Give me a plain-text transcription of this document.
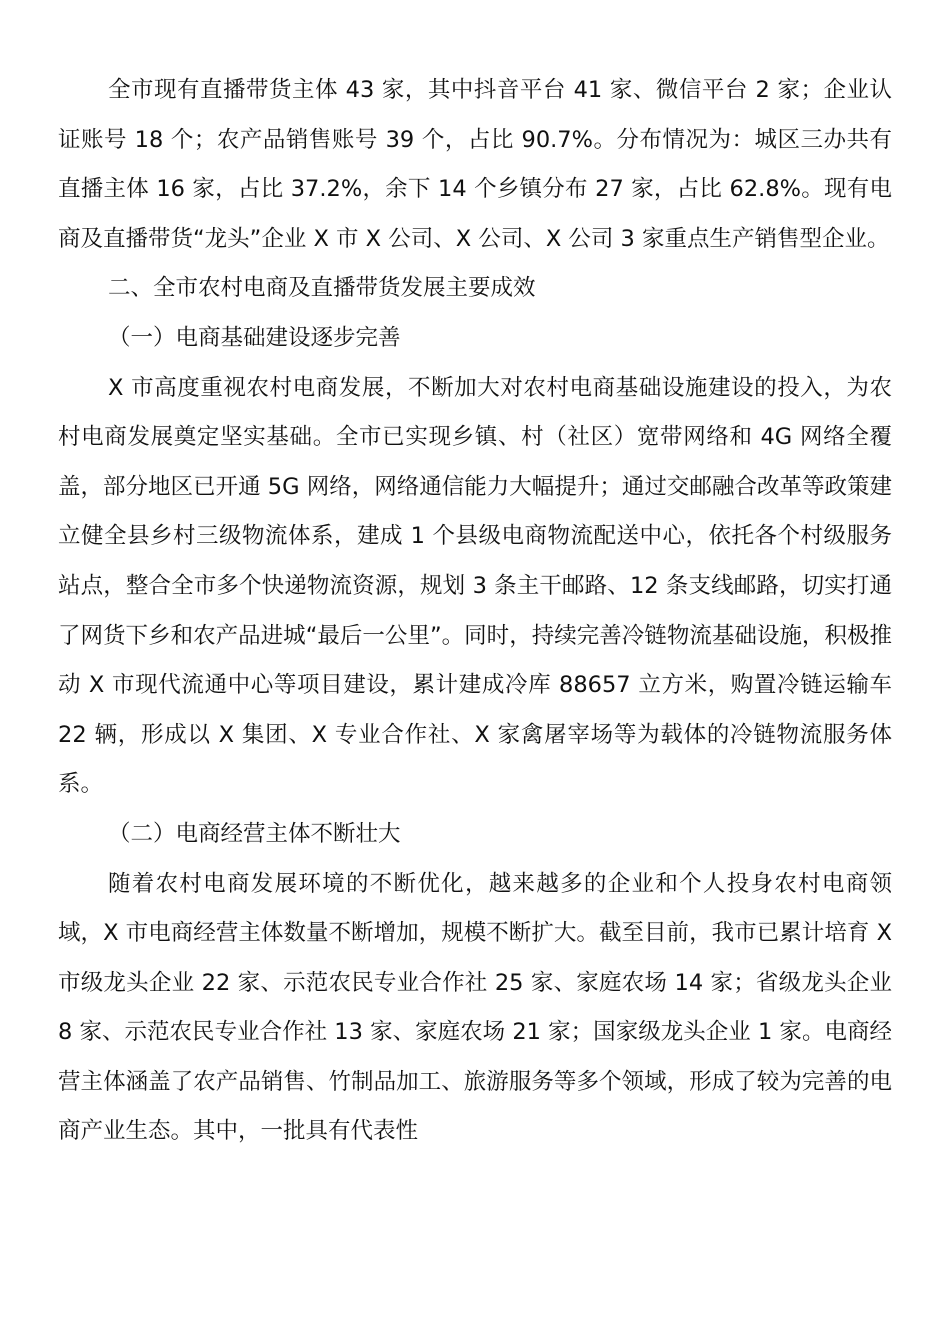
全市现有直播带货主体 43 家，其中抖音平台 41 家、微信平台 2 家；企业认证账号 18 个；农产品销售账号 39 个，占比 90.7%。分布情况为：城区三办共有直播主体 16 家，占比 37.2%，余下 14 个乡镇分布 27 家，占比 62.8%。现有电商及直播带货“龙头”企业 X 市 X 公司、X 公司、X 公司 3 家重点生产销售型企业。

二、全市农村电商及直播带货发展主要成效

（一）电商基础建设逐步完善

X 市高度重视农村电商发展，不断加大对农村电商基础设施建设的投入，为农村电商发展奠定坚实基础。全市已实现乡镇、村（社区）宽带网络和 4G 网络全覆盖，部分地区已开通 5G 网络，网络通信能力大幅提升；通过交邮融合改革等政策建立健全县乡村三级物流体系，建成 1 个县级电商物流配送中心，依托各个村级服务站点，整合全市多个快递物流资源，规划 3 条主干邮路、12 条支线邮路，切实打通了网货下乡和农产品进城“最后一公里”。同时，持续完善冷链物流基础设施，积极推动 X 市现代流通中心等项目建设，累计建成冷库 88657 立方米，购置冷链运输车 22 辆，形成以 X 集团、X 专业合作社、X 家禽屠宰场等为载体的冷链物流服务体系。

（二）电商经营主体不断壮大

随着农村电商发展环境的不断优化，越来越多的企业和个人投身农村电商领域，X 市电商经营主体数量不断增加，规模不断扩大。截至目前，我市已累计培育 X 市级龙头企业 22 家、示范农民专业合作社 25 家、家庭农场 14 家；省级龙头企业 8 家、示范农民专业合作社 13 家、家庭农场 21 家；国家级龙头企业 1 家。电商经营主体涵盖了农产品销售、竹制品加工、旅游服务等多个领域，形成了较为完善的电商产业生态。其中，一批具有代表性
